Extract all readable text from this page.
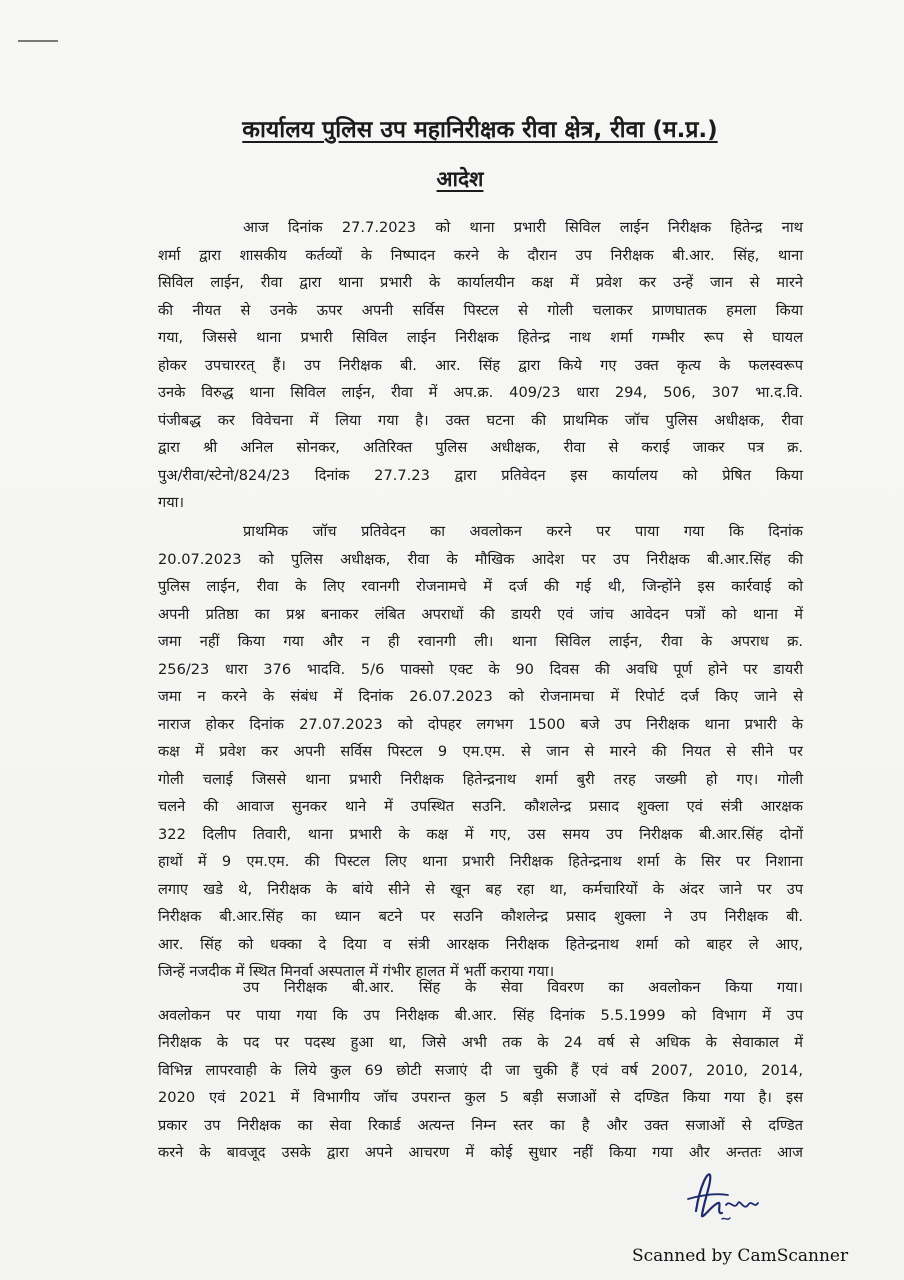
कार्यालय पुलिस उप महानिरीक्षक रीवा क्षेत्र, रीवा (म.प्र.)
आदेश
आज दिनांक 27.7.2023 को थाना प्रभारी सिविल लाईन निरीक्षक हितेन्द्र नाथ
शर्मा द्वारा शासकीय कर्तव्यों के निष्पादन करने के दौरान उप निरीक्षक बी.आर. सिंह, थाना
सिविल लाईन, रीवा द्वारा थाना प्रभारी के कार्यालयीन कक्ष में प्रवेश कर उन्हें जान से मारने
की नीयत से उनके ऊपर अपनी सर्विस पिस्टल से गोली चलाकर प्राणघातक हमला किया
गया, जिससे थाना प्रभारी सिविल लाईन निरीक्षक हितेन्द्र नाथ शर्मा गम्भीर रूप से घायल
होकर उपचाररत् हैं। उप निरीक्षक बी. आर. सिंह द्वारा किये गए उक्त कृत्य के फलस्वरूप
उनके विरुद्ध थाना सिविल लाईन, रीवा में अप.क्र. 409/23 धारा 294, 506, 307 भा.द.वि.
पंजीबद्ध कर विवेचना में लिया गया है। उक्त घटना की प्राथमिक जॉच पुलिस अधीक्षक, रीवा
द्वारा श्री अनिल सोनकर, अतिरिक्त पुलिस अधीक्षक, रीवा से कराई जाकर पत्र क्र.
पुअ/रीवा/स्टेनो/824/23 दिनांक 27.7.23 द्वारा प्रतिवेदन इस कार्यालय को प्रेषित किया
गया।
प्राथमिक जॉच प्रतिवेदन का अवलोकन करने पर पाया गया कि दिनांक
20.07.2023 को पुलिस अधीक्षक, रीवा के मौखिक आदेश पर उप निरीक्षक बी.आर.सिंह की
पुलिस लाईन, रीवा के लिए रवानगी रोजनामचे में दर्ज की गई थी, जिन्होंने इस कार्रवाई को
अपनी प्रतिष्ठा का प्रश्न बनाकर लंबित अपराधों की डायरी एवं जांच आवेदन पत्रों को थाना में
जमा नहीं किया गया और न ही रवानगी ली। थाना सिविल लाईन, रीवा के अपराध क्र.
256/23 धारा 376 भादवि. 5/6 पाक्सो एक्ट के 90 दिवस की अवधि पूर्ण होने पर डायरी
जमा न करने के संबंध में दिनांक 26.07.2023 को रोजनामचा में रिपोर्ट दर्ज किए जाने से
नाराज होकर दिनांक 27.07.2023 को दोपहर लगभग 1500 बजे उप निरीक्षक थाना प्रभारी के
कक्ष में प्रवेश कर अपनी सर्विस पिस्टल 9 एम.एम. से जान से मारने की नियत से सीने पर
गोली चलाई जिससे थाना प्रभारी निरीक्षक हितेन्द्रनाथ शर्मा बुरी तरह जख्मी हो गए। गोली
चलने की आवाज सुनकर थाने में उपस्थित सउनि. कौशलेन्द्र प्रसाद शुक्ला एवं संत्री आरक्षक
322 दिलीप तिवारी, थाना प्रभारी के कक्ष में गए, उस समय उप निरीक्षक बी.आर.सिंह दोनों
हाथों में 9 एम.एम. की पिस्टल लिए थाना प्रभारी निरीक्षक हितेन्द्रनाथ शर्मा के सिर पर निशाना
लगाए खडे थे, निरीक्षक के बांये सीने से खून बह रहा था, कर्मचारियों के अंदर जाने पर उप
निरीक्षक बी.आर.सिंह का ध्यान बटने पर सउनि कौशलेन्द्र प्रसाद शुक्ला ने उप निरीक्षक बी.
आर. सिंह को धक्का दे दिया व संत्री आरक्षक निरीक्षक हितेन्द्रनाथ शर्मा को बाहर ले आए,
जिन्हें नजदीक में स्थित मिनर्वा अस्पताल में गंभीर हालत में भर्ती कराया गया।
उप निरीक्षक बी.आर. सिंह के सेवा विवरण का अवलोकन किया गया।
अवलोकन पर पाया गया कि उप निरीक्षक बी.आर. सिंह दिनांक 5.5.1999 को विभाग में उप
निरीक्षक के पद पर पदस्थ हुआ था, जिसे अभी तक के 24 वर्ष से अधिक के सेवाकाल में
विभिन्न लापरवाही के लिये कुल 69 छोटी सजाएं दी जा चुकी हैं एवं वर्ष 2007, 2010, 2014,
2020 एवं 2021 में विभागीय जॉच उपरान्त कुल 5 बड़ी सजाओं से दण्डित किया गया है। इस
प्रकार उप निरीक्षक का सेवा रिकार्ड अत्यन्त निम्न स्तर का है और उक्त सजाओं से दण्डित
करने के बावजूद उसके द्वारा अपने आचरण में कोई सुधार नहीं किया गया और अन्ततः आज
Scanned by CamScanner
